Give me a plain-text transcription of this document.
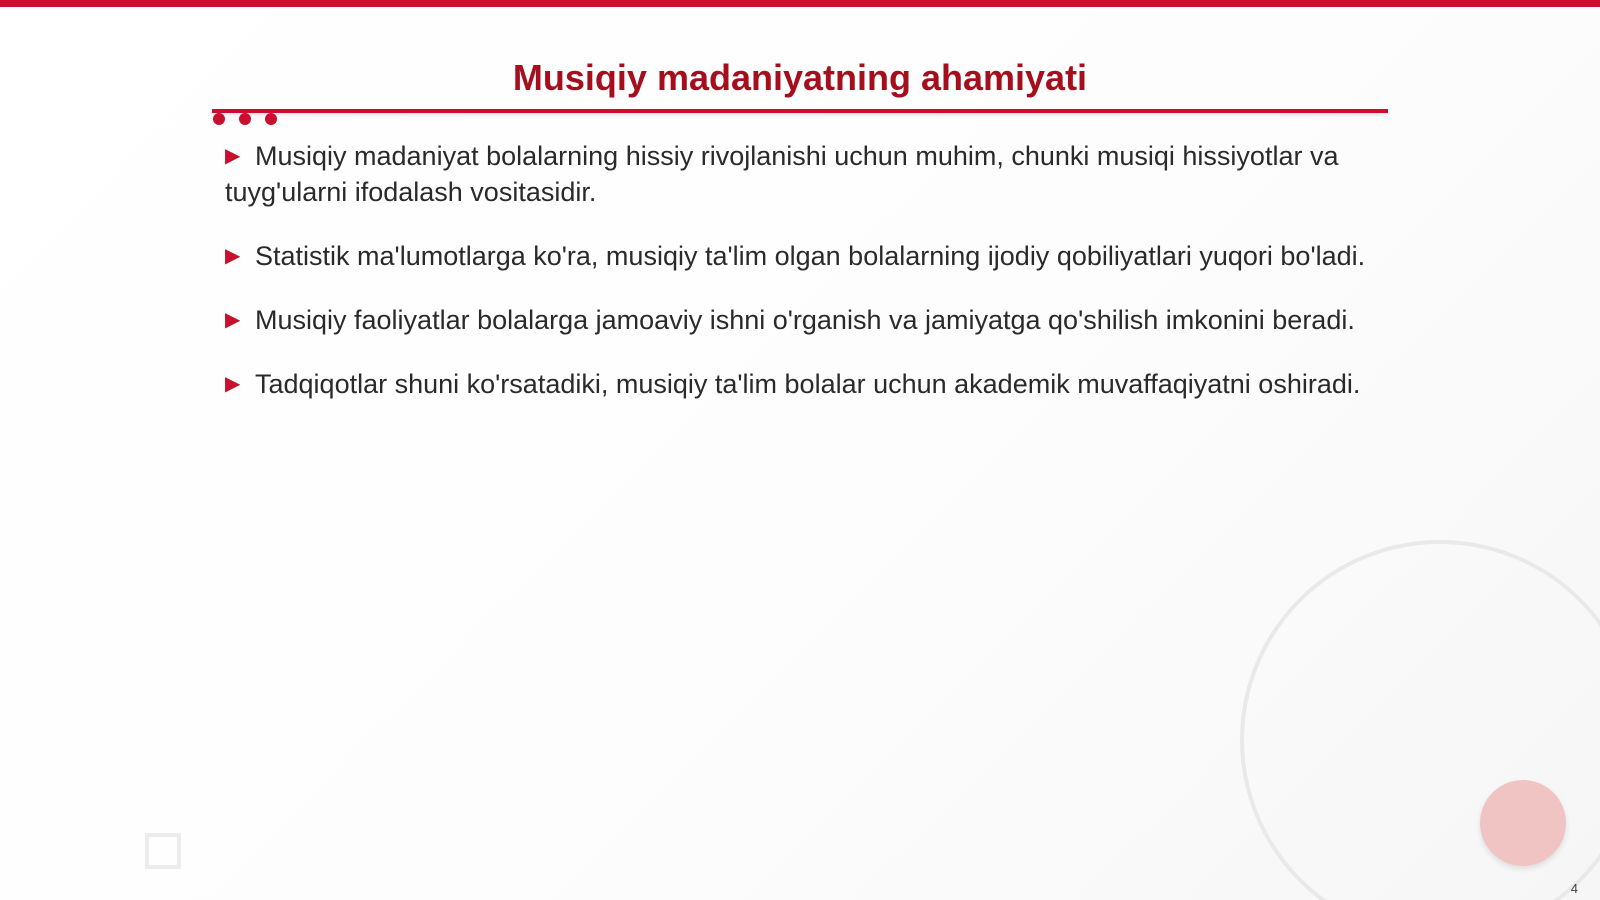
Musiqiy madaniyatning ahamiyati
▶ Musiqiy madaniyat bolalarning hissiy rivojlanishi uchun muhim, chunki musiqi hissiyotlar va tuyg'ularni ifodalash vositasidir.
▶ Statistik ma'lumotlarga ko'ra, musiqiy ta'lim olgan bolalarning ijodiy qobiliyatlari yuqori bo'ladi.
▶ Musiqiy faoliyatlar bolalarga jamoaviy ishni o'rganish va jamiyatga qo'shilish imkonini beradi.
▶ Tadqiqotlar shuni ko'rsatadiki, musiqiy ta'lim bolalar uchun akademik muvaffaqiyatni oshiradi.
4
